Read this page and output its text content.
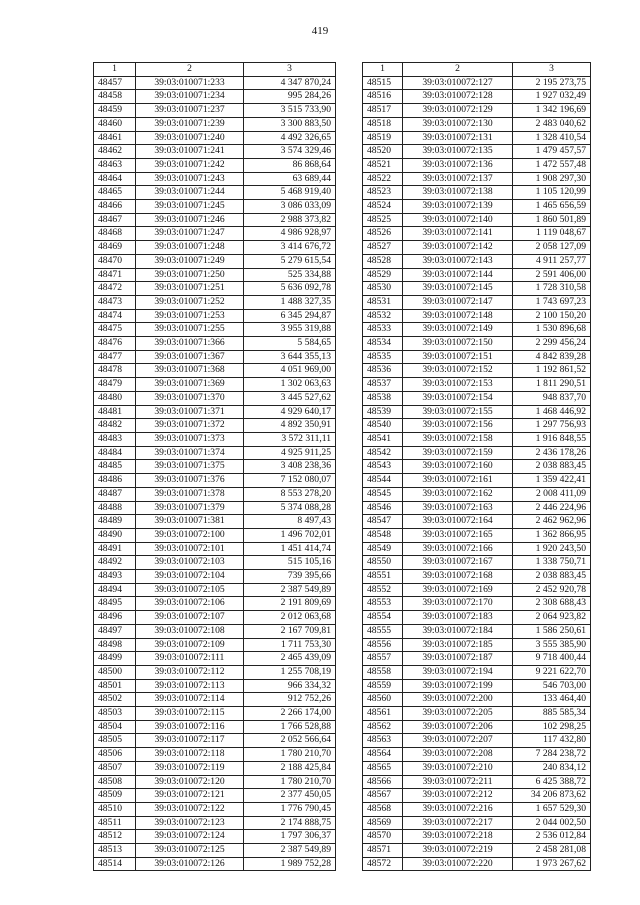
419
1	2	3
48457	39:03:010071:233	4 347 870,24
48458	39:03:010071:234	995 284,26
48459	39:03:010071:237	3 515 733,90
48460	39:03:010071:239	3 300 883,50
48461	39:03:010071:240	4 492 326,65
48462	39:03:010071:241	3 574 329,46
48463	39:03:010071:242	86 868,64
48464	39:03:010071:243	63 689,44
48465	39:03:010071:244	5 468 919,40
48466	39:03:010071:245	3 086 033,09
48467	39:03:010071:246	2 988 373,82
48468	39:03:010071:247	4 986 928,97
48469	39:03:010071:248	3 414 676,72
48470	39:03:010071:249	5 279 615,54
48471	39:03:010071:250	525 334,88
48472	39:03:010071:251	5 636 092,78
48473	39:03:010071:252	1 488 327,35
48474	39:03:010071:253	6 345 294,87
48475	39:03:010071:255	3 955 319,88
48476	39:03:010071:366	5 584,65
48477	39:03:010071:367	3 644 355,13
48478	39:03:010071:368	4 051 969,00
48479	39:03:010071:369	1 302 063,63
48480	39:03:010071:370	3 445 527,62
48481	39:03:010071:371	4 929 640,17
48482	39:03:010071:372	4 892 350,91
48483	39:03:010071:373	3 572 311,11
48484	39:03:010071:374	4 925 911,25
48485	39:03:010071:375	3 408 238,36
48486	39:03:010071:376	7 152 080,07
48487	39:03:010071:378	8 553 278,20
48488	39:03:010071:379	5 374 088,28
48489	39:03:010071:381	8 497,43
48490	39:03:010072:100	1 496 702,01
48491	39:03:010072:101	1 451 414,74
48492	39:03:010072:103	515 105,16
48493	39:03:010072:104	739 395,66
48494	39:03:010072:105	2 387 549,89
48495	39:03:010072:106	2 191 809,69
48496	39:03:010072:107	2 012 063,68
48497	39:03:010072:108	2 167 709,81
48498	39:03:010072:109	1 711 753,30
48499	39:03:010072:111	2 465 439,09
48500	39:03:010072:112	1 255 708,19
48501	39:03:010072:113	966 334,32
48502	39:03:010072:114	912 752,26
48503	39:03:010072:115	2 266 174,00
48504	39:03:010072:116	1 766 528,88
48505	39:03:010072:117	2 052 566,64
48506	39:03:010072:118	1 780 210,70
48507	39:03:010072:119	2 188 425,84
48508	39:03:010072:120	1 780 210,70
48509	39:03:010072:121	2 377 450,05
48510	39:03:010072:122	1 776 790,45
48511	39:03:010072:123	2 174 888,75
48512	39:03:010072:124	1 797 306,37
48513	39:03:010072:125	2 387 549,89
48514	39:03:010072:126	1 989 752,28
1	2	3
48515	39:03:010072:127	2 195 273,75
48516	39:03:010072:128	1 927 032,49
48517	39:03:010072:129	1 342 196,69
48518	39:03:010072:130	2 483 040,62
48519	39:03:010072:131	1 328 410,54
48520	39:03:010072:135	1 479 457,57
48521	39:03:010072:136	1 472 557,48
48522	39:03:010072:137	1 908 297,30
48523	39:03:010072:138	1 105 120,99
48524	39:03:010072:139	1 465 656,59
48525	39:03:010072:140	1 860 501,89
48526	39:03:010072:141	1 119 048,67
48527	39:03:010072:142	2 058 127,09
48528	39:03:010072:143	4 911 257,77
48529	39:03:010072:144	2 591 406,00
48530	39:03:010072:145	1 728 310,58
48531	39:03:010072:147	1 743 697,23
48532	39:03:010072:148	2 100 150,20
48533	39:03:010072:149	1 530 896,68
48534	39:03:010072:150	2 299 456,24
48535	39:03:010072:151	4 842 839,28
48536	39:03:010072:152	1 192 861,52
48537	39:03:010072:153	1 811 290,51
48538	39:03:010072:154	948 837,70
48539	39:03:010072:155	1 468 446,92
48540	39:03:010072:156	1 297 756,93
48541	39:03:010072:158	1 916 848,55
48542	39:03:010072:159	2 436 178,26
48543	39:03:010072:160	2 038 883,45
48544	39:03:010072:161	1 359 422,41
48545	39:03:010072:162	2 008 411,09
48546	39:03:010072:163	2 446 224,96
48547	39:03:010072:164	2 462 962,96
48548	39:03:010072:165	1 362 866,95
48549	39:03:010072:166	1 920 243,50
48550	39:03:010072:167	1 338 750,71
48551	39:03:010072:168	2 038 883,45
48552	39:03:010072:169	2 452 920,78
48553	39:03:010072:170	2 308 688,43
48554	39:03:010072:183	2 064 923,82
48555	39:03:010072:184	1 586 250,61
48556	39:03:010072:185	3 555 385,90
48557	39:03:010072:187	9 718 400,44
48558	39:03:010072:194	9 221 622,70
48559	39:03:010072:199	546 703,00
48560	39:03:010072:200	133 464,40
48561	39:03:010072:205	885 585,34
48562	39:03:010072:206	102 298,25
48563	39:03:010072:207	117 432,80
48564	39:03:010072:208	7 284 238,72
48565	39:03:010072:210	240 834,12
48566	39:03:010072:211	6 425 388,72
48567	39:03:010072:212	34 206 873,62
48568	39:03:010072:216	1 657 529,30
48569	39:03:010072:217	2 044 002,50
48570	39:03:010072:218	2 536 012,84
48571	39:03:010072:219	2 458 281,08
48572	39:03:010072:220	1 973 267,62
